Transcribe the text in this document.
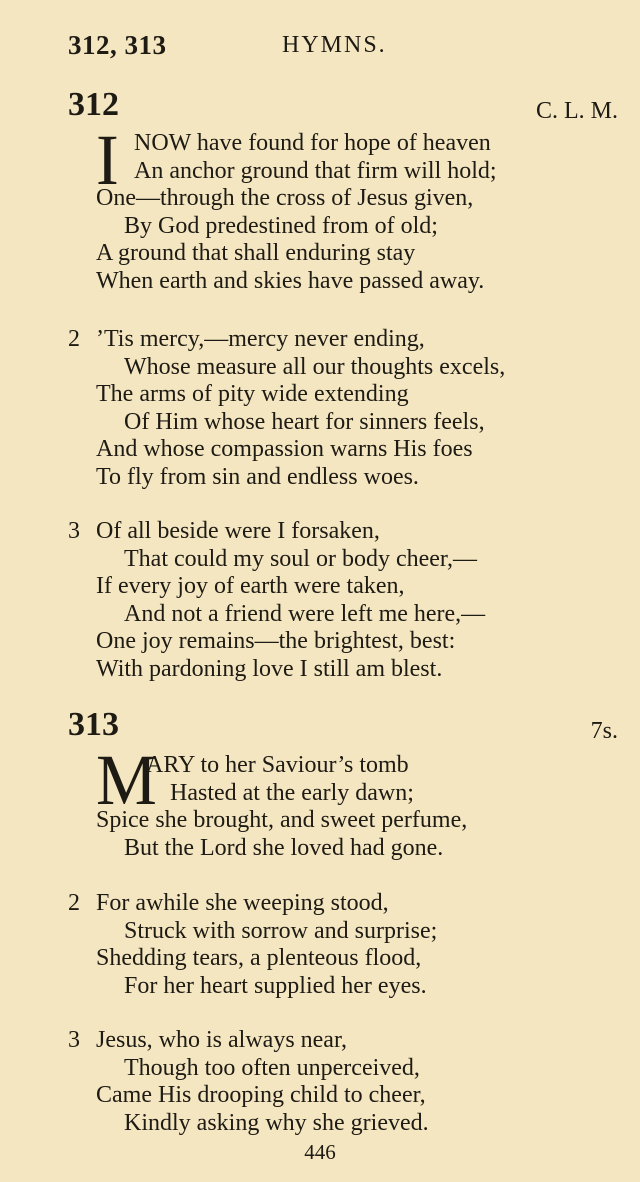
312, 313	HYMNS.
312	C. L. M.
I NOW have found for hope of heaven
An anchor ground that firm will hold;
One—through the cross of Jesus given,
By God predestined from of old;
A ground that shall enduring stay
When earth and skies have passed away.
2 ’Tis mercy,—mercy never ending,
Whose measure all our thoughts excels,
The arms of pity wide extending
Of Him whose heart for sinners feels,
And whose compassion warns His foes
To fly from sin and endless woes.
3 Of all beside were I forsaken,
That could my soul or body cheer,—
If every joy of earth were taken,
And not a friend were left me here,—
One joy remains—the brightest, best:
With pardoning love I still am blest.
313	7s.
M
ARY to her Saviour’s tomb
Hasted at the early dawn;
Spice she brought, and sweet perfume,
But the Lord she loved had gone.
2 For awhile she weeping stood,
Struck with sorrow and surprise;
Shedding tears, a plenteous flood,
For her heart supplied her eyes.
3 Jesus, who is always near,
Though too often unperceived,
Came His drooping child to cheer,
Kindly asking why she grieved.
446
